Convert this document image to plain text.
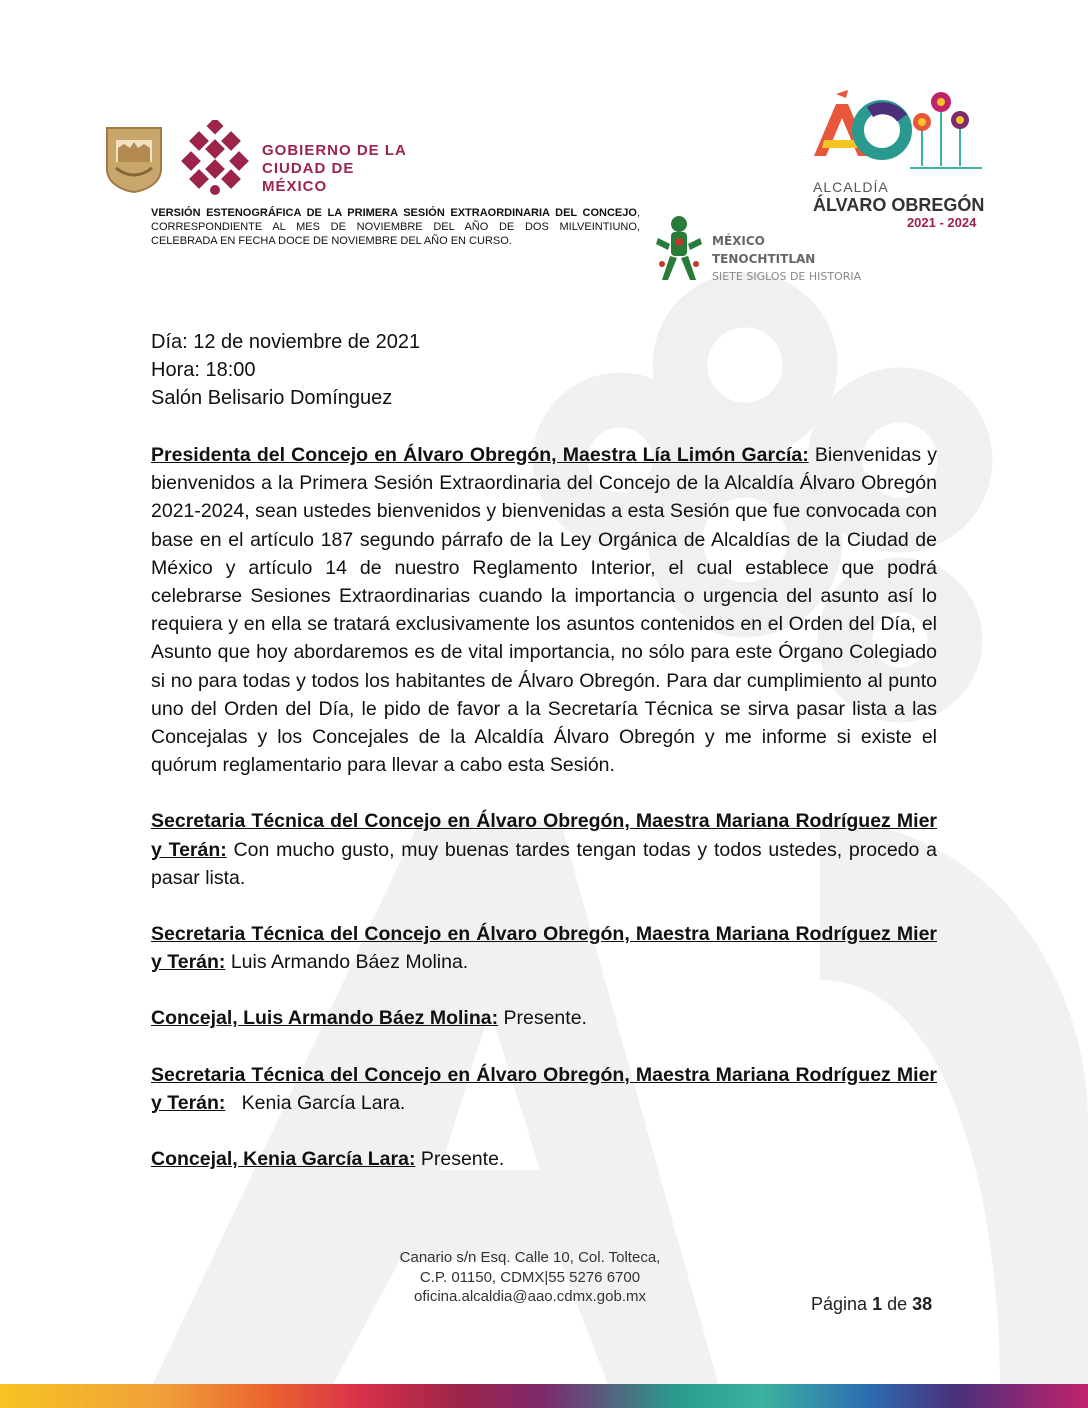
GOBIERNO DE LA
CIUDAD DE MÉXICO	ALCALDÍA
ÁLVARO OBREGÓN
2021 - 2024
MÉXICO TENOCHTITLAN
SIETE SIGLOS DE HISTORIA
VERSIÓN ESTENOGRÁFICA DE LA PRIMERA SESIÓN EXTRAORDINARIA DEL CONCEJO, CORRESPONDIENTE AL MES DE NOVIEMBRE DEL AÑO DE DOS MILVEINTIUNO, CELEBRADA EN FECHA DOCE DE NOVIEMBRE DEL AÑO EN CURSO.
Día: 12 de noviembre de 2021
Hora: 18:00
Salón Belisario Domínguez

Presidenta del Concejo en Álvaro Obregón, Maestra Lía Limón García: Bienvenidas y bienvenidos a la Primera Sesión Extraordinaria del Concejo de la Alcaldía Álvaro Obregón 2021-2024, sean ustedes bienvenidos y bienvenidas a esta Sesión que fue convocada con base en el artículo 187 segundo párrafo de la Ley Orgánica de Alcaldías de la Ciudad de México y artículo 14 de nuestro Reglamento Interior, el cual establece que podrá celebrarse Sesiones Extraordinarias cuando la importancia o urgencia del asunto así lo requiera y en ella se tratará exclusivamente los asuntos contenidos en el Orden del Día, el Asunto que hoy abordaremos es de vital importancia, no sólo para este Órgano Colegiado si no para todas y todos los habitantes de Álvaro Obregón. Para dar cumplimiento al punto uno del Orden del Día, le pido de favor a la Secretaría Técnica se sirva pasar lista a las Concejalas y los Concejales de la Alcaldía Álvaro Obregón y me informe si existe el quórum reglamentario para llevar a cabo esta Sesión.

Secretaria Técnica del Concejo en Álvaro Obregón, Maestra Mariana Rodríguez Mier y Terán: Con mucho gusto, muy buenas tardes tengan todas y todos ustedes, procedo a pasar lista.

Secretaria Técnica del Concejo en Álvaro Obregón, Maestra Mariana Rodríguez Mier y Terán: Luis Armando Báez Molina.

Concejal, Luis Armando Báez Molina: Presente.

Secretaria Técnica del Concejo en Álvaro Obregón, Maestra Mariana Rodríguez Mier y Terán:   Kenia García Lara.

Concejal, Kenia García Lara: Presente.

Canario s/n Esq. Calle 10, Col. Tolteca,
C.P. 01150, CDMX|55 5276 6700
oficina.alcaldia@aao.cdmx.gob.mx	Página 1 de 38
